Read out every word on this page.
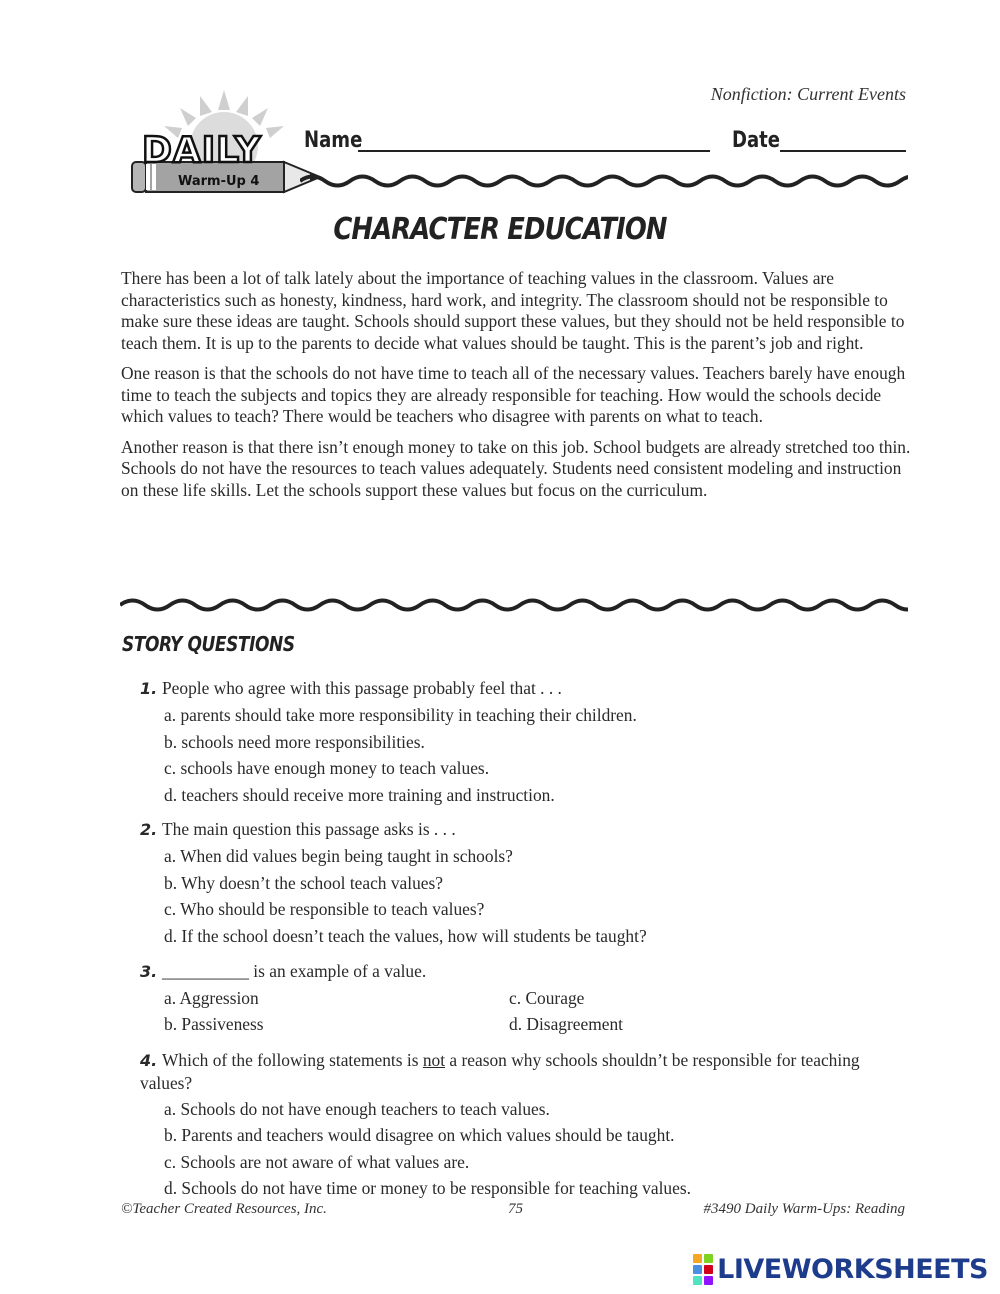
Nonfiction: Current Events
DAILY
Warm-Up 4
Name	Date
CHARACTER EDUCATION

There has been a lot of talk lately about the importance of teaching values in the classroom. Values are characteristics such as honesty, kindness, hard work, and integrity. The classroom should not be responsible to make sure these ideas are taught. Schools should support these values, but they should not be held responsible to teach them. It is up to the parents to decide what values should be taught. This is the parent’s job and right.

One reason is that the schools do not have time to teach all of the necessary values. Teachers barely have enough time to teach the subjects and topics they are already responsible for teaching. How would the schools decide which values to teach? There would be teachers who disagree with parents on what to teach.

Another reason is that there isn’t enough money to take on this job. School budgets are already stretched too thin. Schools do not have the resources to teach values adequately. Students need consistent modeling and instruction on these life skills. Let the schools support these values but focus on the curriculum.

STORY QUESTIONS
1. People who agree with this passage probably feel that . . .
a. parents should take more responsibility in teaching their children.
b. schools need more responsibilities.
c. schools have enough money to teach values.
d. teachers should receive more training and instruction.
2. The main question this passage asks is . . .
a. When did values begin being taught in schools?
b. Why doesn’t the school teach values?
c. Who should be responsible to teach values?
d. If the school doesn’t teach the values, how will students be taught?
3. __________ is an example of a value.
a. Aggression
b. Passiveness
c. Courage
d. Disagreement
4. Which of the following statements is not a reason why schools shouldn’t be responsible for teaching values?
a. Schools do not have enough teachers to teach values.
b. Parents and teachers would disagree on which values should be taught.
c. Schools are not aware of what values are.
d. Schools do not have time or money to be responsible for teaching values.
©Teacher Created Resources, Inc.	75	#3490 Daily Warm-Ups: Reading
LIVEWORKSHEETS
